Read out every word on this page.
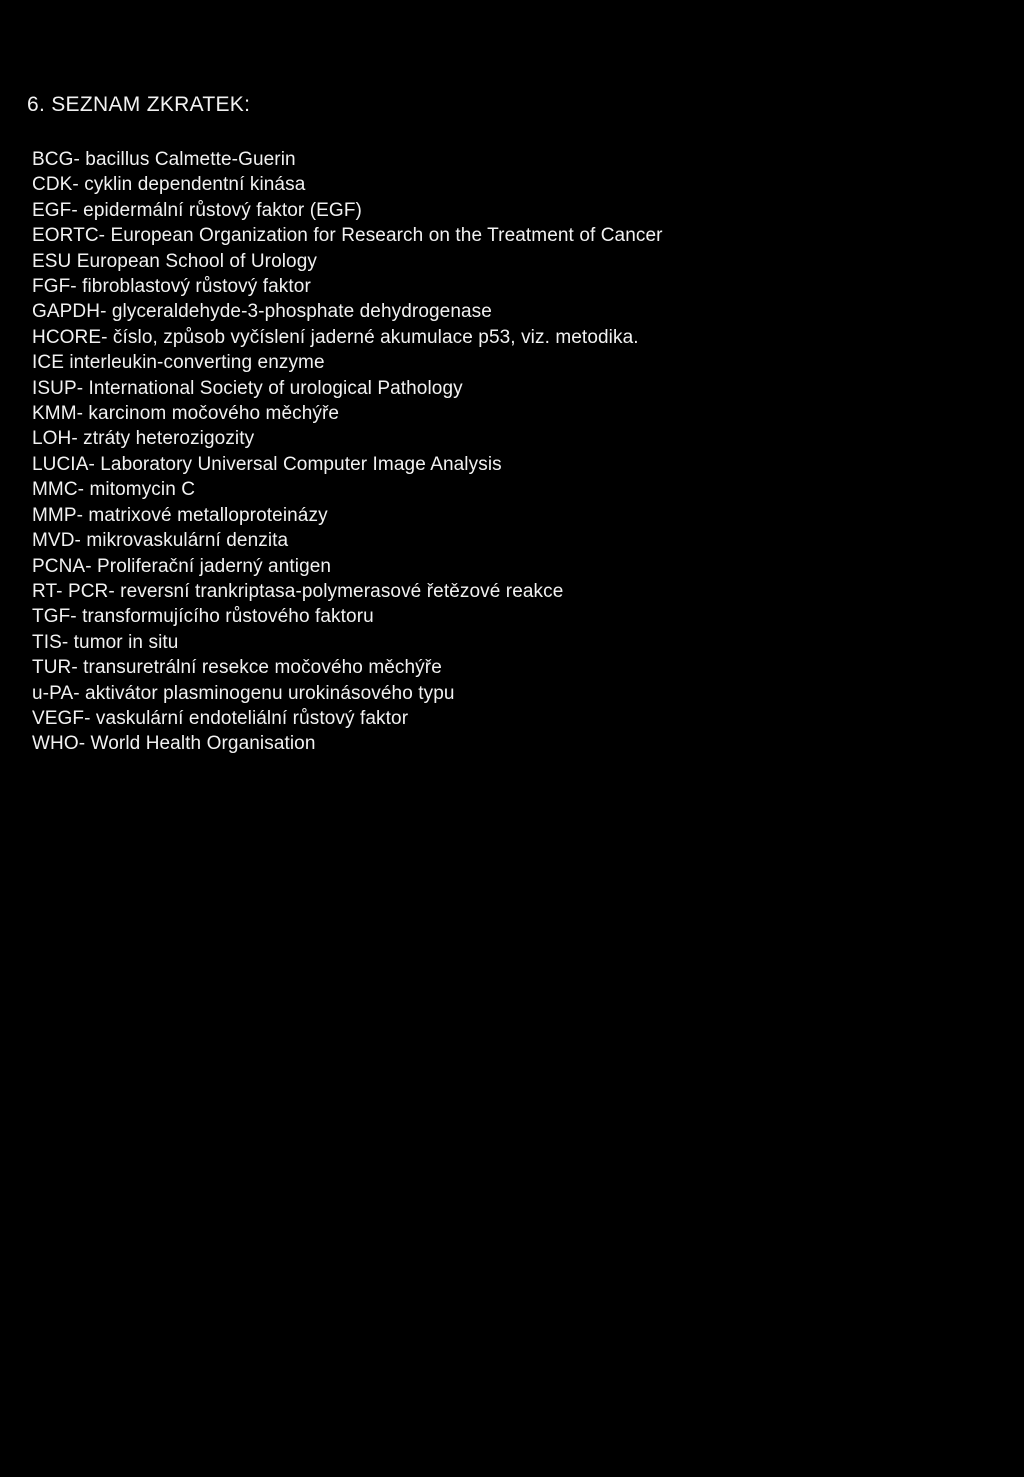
6. SEZNAM ZKRATEK:
BCG- bacillus Calmette-Guerin
CDK- cyklin dependentní kinása
EGF- epidermální růstový faktor (EGF)
EORTC- European Organization for Research on the Treatment of Cancer
ESU European School of Urology
FGF- fibroblastový růstový faktor
GAPDH- glyceraldehyde-3-phosphate dehydrogenase
HCORE- číslo, způsob vyčíslení jaderné akumulace p53, viz. metodika.
ICE interleukin-converting enzyme
ISUP- International Society of urological Pathology
KMM- karcinom močového měchýře
LOH- ztráty heterozigozity
LUCIA- Laboratory Universal Computer Image Analysis
MMC- mitomycin C
MMP- matrixové metalloproteinázy
MVD- mikrovaskulární denzita
PCNA- Proliferační jaderný antigen
RT- PCR- reversní trankriptasa-polymerasové řetězové reakce
TGF- transformujícího růstového faktoru
TIS- tumor in situ
TUR- transuretrální resekce močového měchýře
u-PA- aktivátor plasminogenu urokinásového typu
VEGF- vaskulární endoteliální růstový faktor
WHO- World Health Organisation
